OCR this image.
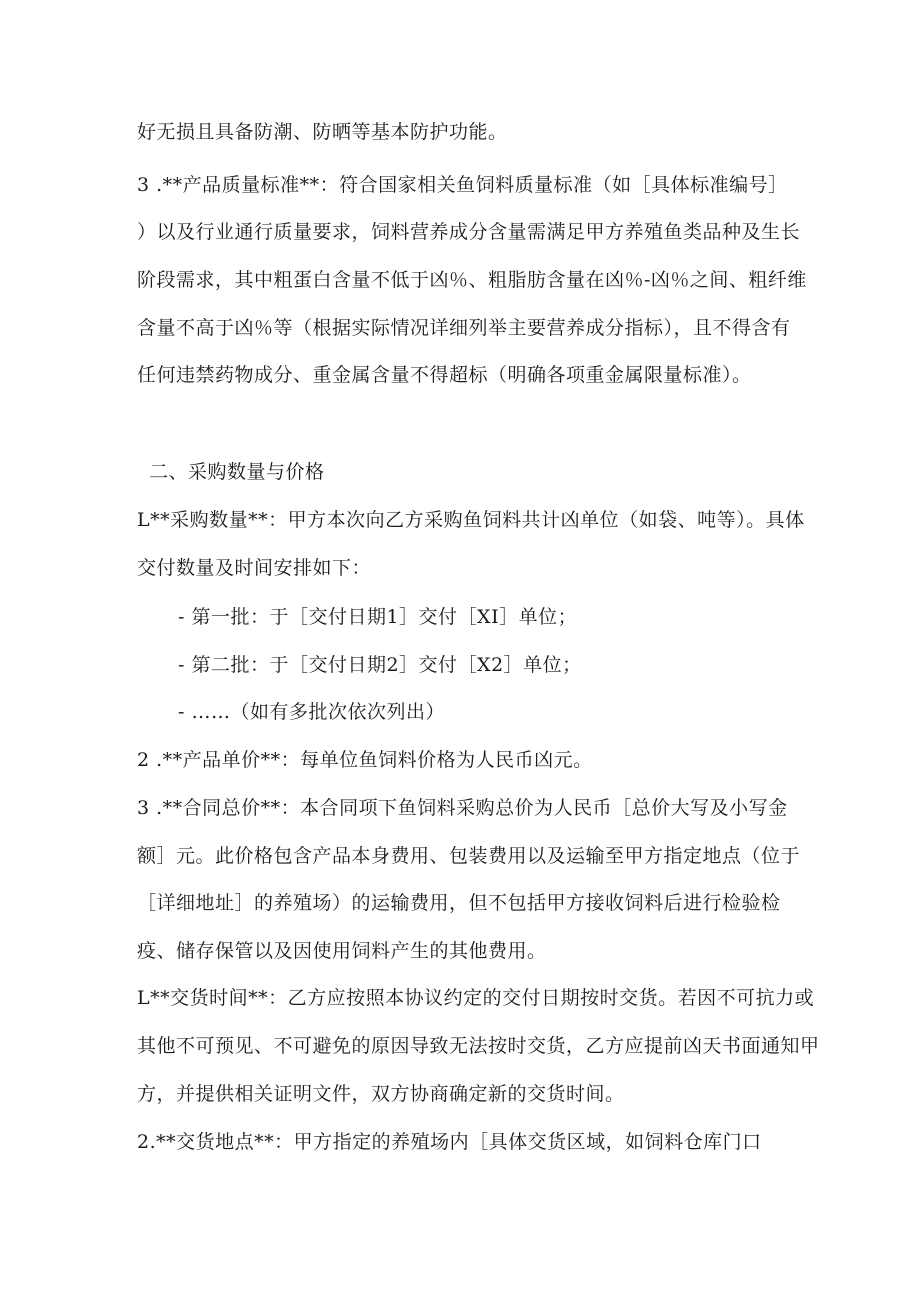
好无损且具备防潮、防晒等基本防护功能。
3 .**产品质量标准**：符合国家相关鱼饲料质量标准（如［具体标准编号］
）以及行业通行质量要求，饲料营养成分含量需满足甲方养殖鱼类品种及生长
阶段需求，其中粗蛋白含量不低于凶％、粗脂肪含量在凶％-凶％之间、粗纤维
含量不高于凶％等（根据实际情况详细列举主要营养成分指标），且不得含有
任何违禁药物成分、重金属含量不得超标（明确各项重金属限量标准）。
二、采购数量与价格
L**采购数量**：甲方本次向乙方采购鱼饲料共计凶单位（如袋、吨等）。具体
交付数量及时间安排如下：
- 第一批：于［交付日期1］交付［XI］单位；
- 第二批：于［交付日期2］交付［X2］单位；
- ……（如有多批次依次列出）
2 .**产品单价**：每单位鱼饲料价格为人民币凶元。
3 .**合同总价**：本合同项下鱼饲料采购总价为人民币［总价大写及小写金
额］元。此价格包含产品本身费用、包装费用以及运输至甲方指定地点（位于
［详细地址］的养殖场）的运输费用，但不包括甲方接收饲料后进行检验检
疫、储存保管以及因使用饲料产生的其他费用。
L**交货时间**：乙方应按照本协议约定的交付日期按时交货。若因不可抗力或
其他不可预见、不可避免的原因导致无法按时交货，乙方应提前凶天书面通知甲
方，并提供相关证明文件，双方协商确定新的交货时间。
2.**交货地点**：甲方指定的养殖场内［具体交货区域，如饲料仓库门口
